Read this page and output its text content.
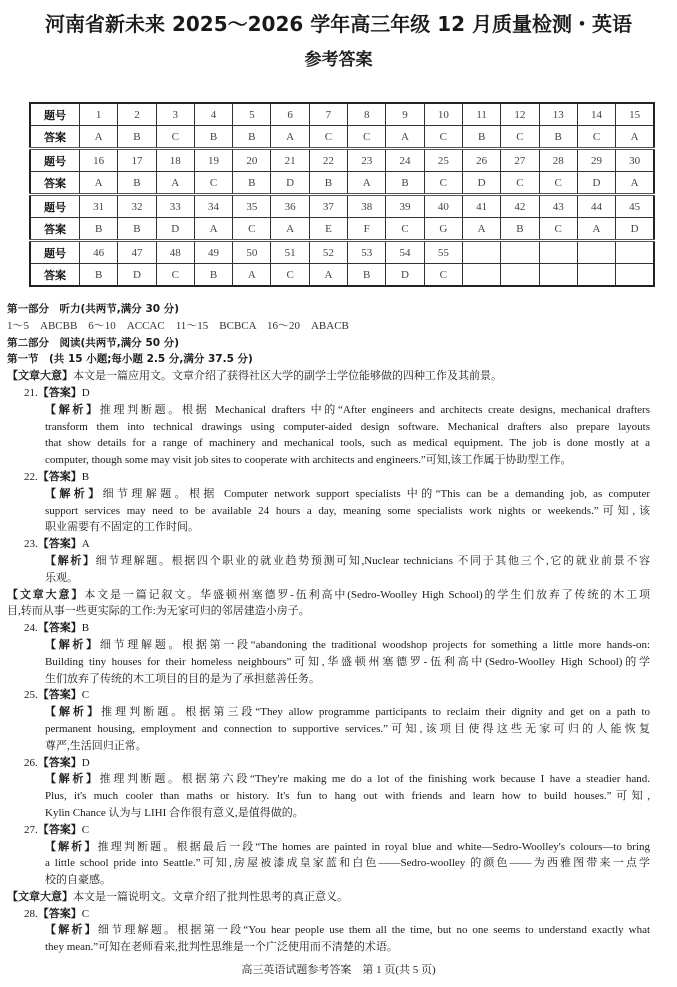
河南省新未来 2025～2026 学年高三年级 12 月质量检测・英语
参考答案
题号	1	2	3	4	5	6	7	8	9	10	11	12	13	14	15
答案	A	B	C	B	B	A	C	C	A	C	B	C	B	C	A
题号	16	17	18	19	20	21	22	23	24	25	26	27	28	29	30
答案	A	B	A	C	B	D	B	A	B	C	D	C	C	D	A
题号	31	32	33	34	35	36	37	38	39	40	41	42	43	44	45
答案	B	B	D	A	C	A	E	F	C	G	A	B	C	A	D
题号	46	47	48	49	50	51	52	53	54	55					
答案	B	D	C	B	A	C	A	B	D	C					
第一部分　听力(共两节,满分 30 分)
1～5　ABCBB　6～10　ACCAC　11～15　BCBCA　16～20　ABACB
第二部分　阅读(共两节,满分 50 分)
第一节　(共 15 小题;每小题 2.5 分,满分 37.5 分)
【文章大意】本文是一篇应用文。文章介绍了获得社区大学的副学士学位能够做的四种工作及其前景。
21.【答案】D
【解析】推理判断题。根据 Mechanical drafters 中的“After engineers and architects create designs, mechanical drafters
transform them into technical drawings using computer-aided design software. Mechanical drafters also prepare layouts
that show details for a range of machinery and mechanical tools, such as medical equipment. The job is done mostly at a
computer, though some may visit job sites to cooperate with architects and engineers.”可知,该工作属于协助型工作。
22.【答案】B
【解析】细节理解题。根据 Computer network support specialists 中的“This can be a demanding job, as computer
support services may need to be available 24 hours a day, meaning some specialists work nights or weekends.”可知,该
职业需要有不固定的工作时间。
23.【答案】A
【解析】细节理解题。根据四个职业的就业趋势预测可知,Nuclear technicians 不同于其他三个,它的就业前景不容
乐观。
【文章大意】本文是一篇记叙文。华盛顿州塞德罗-伍利高中(Sedro-Woolley High School)的学生们放弃了传统的木工项
目,转而从事一些更实际的工作:为无家可归的邻居建造小房子。
24.【答案】B
【解析】细节理解题。根据第一段“abandoning the traditional woodshop projects for something a little more hands-on:
Building tiny houses for their homeless neighbours”可知,华盛顿州塞德罗-伍利高中(Sedro-Woolley High School)的学
生们放弃了传统的木工项目的目的是为了承担慈善任务。
25.【答案】C
【解析】推理判断题。根据第三段“They allow programme participants to reclaim their dignity and get on a path to
permanent housing, employment and connection to supportive services.”可知,该项目使得这些无家可归的人能恢复
尊严,生活回归正常。
26.【答案】D
【解析】推理判断题。根据第六段“They're making me do a lot of the finishing work because I have a steadier hand.
Plus, it's much cooler than maths or history. It's fun to hang out with friends and learn how to build houses.”可知,
Kylin Chance 认为与 LIHI 合作很有意义,是值得做的。
27.【答案】C
【解析】推理判断题。根据最后一段“The homes are painted in royal blue and white—Sedro-Woolley's colours—to bring
a little school pride into Seattle.”可知,房屋被漆成皇家蓝和白色——Sedro-woolley 的颜色——为西雅图带来一点学
校的自豪感。
【文章大意】本文是一篇说明文。文章介绍了批判性思考的真正意义。
28.【答案】C
【解析】细节理解题。根据第一段“You hear people use them all the time, but no one seems to understand exactly what
they mean.”可知在老师看来,批判性思维是一个广泛使用而不清楚的术语。
高三英语试题参考答案　第 1 页(共 5 页)
